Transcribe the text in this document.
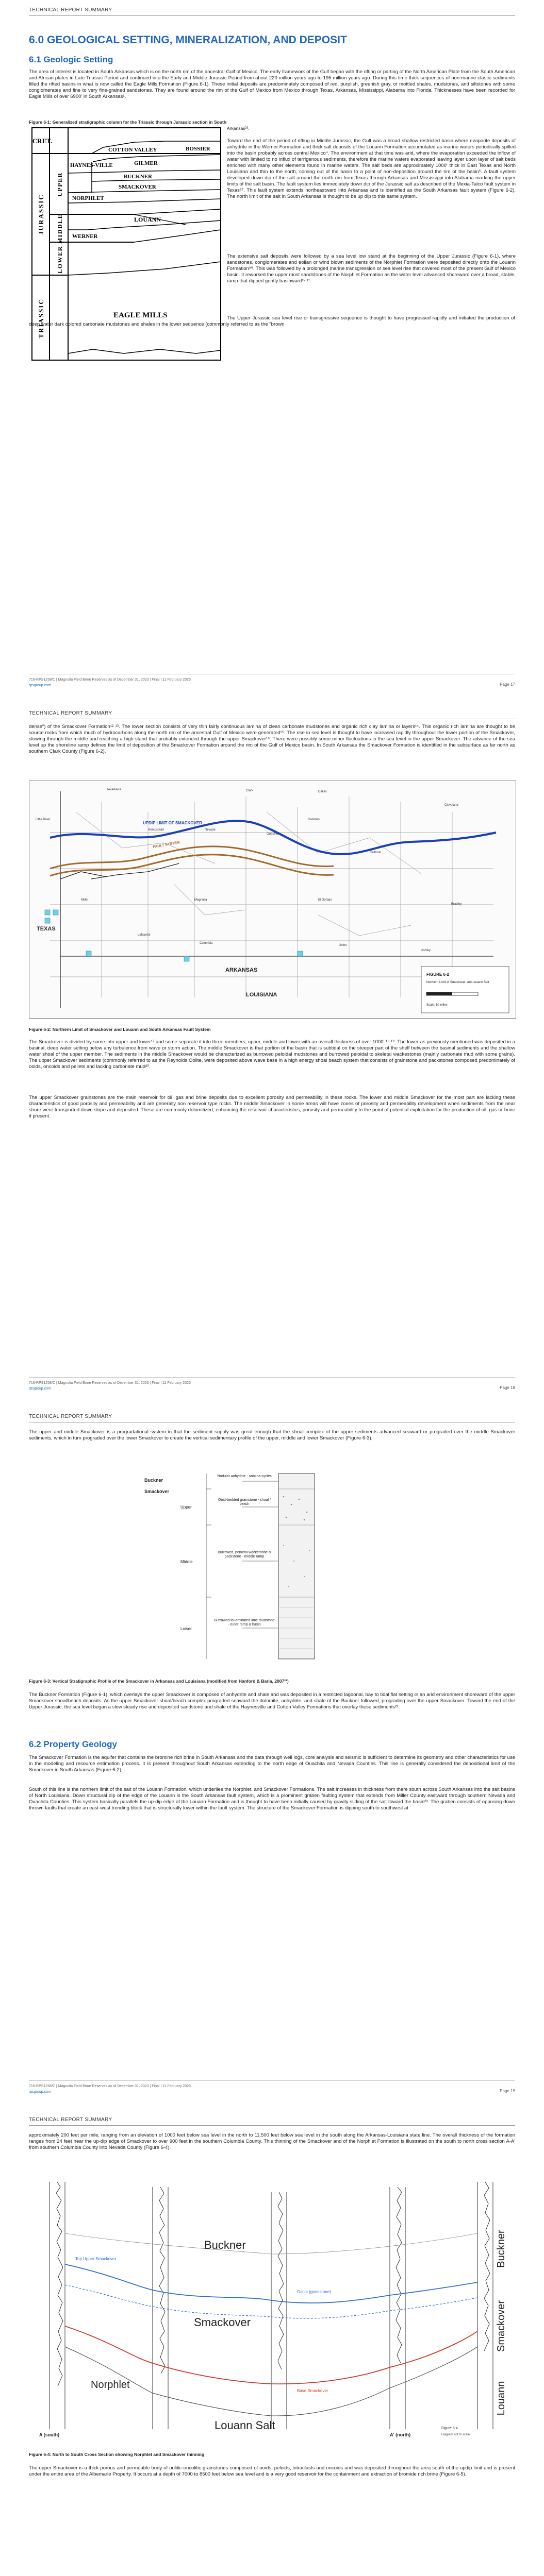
TECHNICAL REPORT SUMMARY
6.0 GEOLOGICAL SETTING, MINERALIZATION, AND DEPOSIT
6.1 Geologic Setting

The area of interest is located in South Arkansas which is on the north rim of the ancestral Gulf of Mexico. The early framework of the Gulf began with the rifting or parting of the North American Plate from the South American and African plates in Late Triassic Period and continued into the Early and Middle Jurassic Period from about 220 million years ago to 195 million years ago. During this time thick sequences of non-marine clastic sediments filled the rifted basins in what is now called the Eagle Mills Formation (Figure 6-1). These initial deposits are predominately composed of red, purplish, greenish gray, or mottled shales, mudstones, and siltstones with some conglomerates and fine to very fine-grained sandstones. They are found around the rim of the Gulf of Mexico from Mexico through Texas, Arkansas, Mississippi, Alabama into Florida. Thicknesses have been recorded for Eagle Mills of over 6900' in South Arkansas¹.

Figure 6-1: Generalized stratigraphic column for the Triassic through Jurassic section in South
Arkansas²³.
CRET.
JURASSIC
TRIASSIC
UPPER
MIDDLE
LOWER
COTTON VALLEY	BOSSIER
HAYNES-VILLE	GILMER
BUCKNER
SMACKOVER
NORPHLET
LOUANN
WERNER
EAGLE MILLS

Toward the end of the period of rifting in Middle Jurassic, the Gulf was a broad shallow restricted basin where evaporite deposits of anhydrite in the Werner Formation and thick salt deposits of the Louann Formation accumulated as marine waters periodically spilled into the basin probably across central Mexico⁴. The environment at that time was arid, where the evaporation exceeded the inflow of water with limited to no influx of terrigenous sediments, therefore the marine waters evaporated leaving layer upon layer of salt beds enriched with many other elements found in marine waters. The salt beds are approximately 1000' thick in East Texas and North Louisiana and thin to the north, coming out of the basin to a point of non-deposition around the rim of the basin⁵. A fault system developed down dip of the salt around the north rim from Texas through Arkansas and Mississippi into Alabama marking the upper limits of the salt basin. The fault system lies immediately down dip of the Jurassic salt as described of the Mexia-Talco fault system in Texas⁶⁷. This fault system extends northeastward into Arkansas and is identified as the South Arkansas fault system (Figure 6-2). The north limit of the salt in South Arkansas is thought to be up dip to this same system.

The extensive salt deposits were followed by a sea level low stand at the beginning of the Upper Jurassic (Figure 6-1), where sandstones, conglomerates and eolian or wind blown sediments of the Norphlet Formation were deposited directly onto the Louann Formation⁸⁹. This was followed by a prolonged marine transgression or sea level rise that covered most of the present Gulf of Mexico basin. It reworked the upper most sandstones of the Norphlet Formation as the water level advanced shoreward over a broad, stable, ramp that dipped gently basinward¹⁰ ¹¹.

The Upper Jurassic sea level rise or transgressive sequence is thought to have progressed rapidly and initiated the production of deep water dark colored carbonate mudstones and shales in the lower sequence (commonly referred to as the "brown

716-RPS1258/C | Magnolia Field Brine Reserves as of December 31, 2023 | Final | 11 February 2026
rpsgroup.com	Page 17
TECHNICAL REPORT SUMMARY

dense") of the Smackover Formation¹² ¹³. The lower section consists of very thin fairly continuous lamina of clean carbonate mudstones and organic rich clay lamina or layers¹⁴. This organic rich lamina are thought to be source rocks from which much of hydrocarbons along the north rim of the ancestral Gulf of Mexico were generated¹⁵. The rise in sea level is thought to have increased rapidly throughout the lower portion of the Smackover, slowing through the middle and reaching a high stand that probably extended through the upper Smackover¹⁶. There were possibly some minor fluctuations in the sea level in the upper Smackover. The advance of the sea level up the shoreline ramp defines the limit of deposition of the Smackover Formation around the rim of the Gulf of Mexico basin. In South Arkansas the Smackover Formation is identified in the subsurface as far north as southern Clark County (Figure 6-2).

Dallas
Texarkana
Cleveland
El Dorado
Magnolia
Camden
Calhoun
Bradley
Union
Lafayette
Columbia
Hempstead
Little River
Miller
Nevada
Ouachita
Ashley
Clark
TEXAS
ARKANSAS
LOUISIANA
UPDIP LIMIT OF SMACKOVER
FAULT SYSTEM
FIGURE 6-2
Northern Limit of Smackover and Louann Salt
Scale: 50 miles
Figure 6-2: Northern Limit of Smackover and Louann and South Arkansas Fault System

The Smackover is divided by some into upper and lower¹⁷ and some separate it into three members; upper, middle and lower with an overall thickness of over 1000' ¹⁸ ¹⁹. The lower as previously mentioned was deposited in a basinal, deep water setting below any turbulence from wave or storm action. The middle Smackover is that portion of the basin that is subtidal on the steeper part of the shelf between the basinal sediments and the shallow water shoal of the upper member. The sediments in the middle Smackover would be characterized as burrowed peloidal mudstones and burrowed peloidal to skeletal wackestones (mainly carbonate mud with some grains). The upper Smackover sediments (commonly referred to as the Reynolds Oolite, were deposited above wave base in a high energy shoal beach system that consists of grainstone and packstones composed predominately of ooids, oncoids and pellets and lacking carbonate mud²⁰.

The upper Smackover grainstones are the main reservoir for oil, gas and brine deposits due to excellent porosity and permeability in these rocks. The lower and middle Smackover for the most part are lacking these characteristics of good porosity and permeability and are generally non reservoir type rocks. The middle Smackover in some areas will have zones of porosity and permeability development when sediments from the near shore were transported down slope and deposited. These are commonly dolomitized, enhancing the reservoir characteristics, porosity and permeability to the point of potential exploitation for the production of oil, gas or brine if present.

716-RPS1258/C | Magnolia Field Brine Reserves as of December 31, 2023 | Final | 11 February 2026
rpsgroup.com	Page 18
TECHNICAL REPORT SUMMARY

The upper and middle Smackover is a progradational system in that the sediment supply was great enough that the shoal complex of the upper sediments advanced seaward or prograded over the middle Smackover sediments, which in turn prograded over the lower Smackover to create the vertical sedimentary profile of the upper, middle and lower Smackover (Figure 6-3).

Buckner
Smackover
Upper
Middle
Lower
Nodular anhydrite - sabkha cycles
Ooid-bedded grainstone - shoal / beach
Burrowed, peloidal wackestone & packstone - middle ramp
Burrowed to laminated lime mudstone - outer ramp & basin
Figure 6-3: Vertical Stratigraphic Profile of the Smackover in Arkansas and Louisiana (modified from Hanford & Baria, 2007²¹)

The Buckner Formation (Figure 6-1), which overlays the upper Smackover is composed of anhydrite and shale and was deposited in a restricted lagoonal, bay to tidal flat setting in an arid environment shoreward of the upper Smackover shoal/beach deposits. As the upper Smackover shoal/beach complex prograded seaward the dolomite, anhydrite, and shale of the Buckner followed, prograding over the upper Smackover. Toward the end of the Upper Jurassic, the sea level began a slow steady rise and deposited sandstone and shale of the Haynesville and Cotton Valley Formations that overlay these sediments²².

6.2 Property Geology

The Smackover Formation is the aquifer that contains the bromine rich brine in South Arkansas and the data through well logs, core analysis and seismic is sufficient to determine its geometry and other characteristics for use in the modeling and resource estimation process. It is present throughout South Arkansas extending to the north edge of Ouachita and Nevada Counties. This line is generally considered the depositional limit of the Smackover in South Arkansas (Figure 6-2).

South of this line is the northern limit of the salt of the Louann Formation, which underlies the Norphlet, and Smackover Formations. The salt increases in thickness from there south across South Arkansas into the salt basins of North Louisiana. Down structural dip of the edge of the Louann is the South Arkansas fault system, which is a prominent graben faulting system that extends from Miller County eastward through southern Nevada and Ouachita Counties. This system basically parallels the up-dip edge of the Louann Formation and is thought to have been initially caused by gravity sliding of the salt toward the basin²³. The graben consists of opposing down thrown faults that create an east-west trending block that is structurally lower within the fault system. The structure of the Smackover Formation is dipping south to southwest at

716-RPS1258/C | Magnolia Field Brine Reserves as of December 31, 2023 | Final | 11 February 2026
rpsgroup.com	Page 19
TECHNICAL REPORT SUMMARY

approximately 200 feet per mile, ranging from an elevation of 1000 feet below sea level in the north to 11,500 feet below sea level in the south along the Arkansas-Louisiana state line. The overall thickness of the formation ranges from 24 feet near the up-dip edge of Smackover to over 900 feet in the southern Columbia County. This thinning of the Smackover and of the Norphlet Formation is illustrated on the south to north cross section A-A' from southern Columbia County into Nevada County (Figure 6-4).

Buckner
Smackover
Norphlet
Louann Salt
Buckner
Smackover
Louann
Top Upper Smackover
Oolite (grainstone)
Base Smackover
A (south)	A' (north)
Figure 6-4
Diagram not to scale
Figure 6-4: North to South Cross Section showing Norphlet and Smackover thinning

The upper Smackover is a thick porous and permeable body of oolitic-oncolitic grainstones composed of ooids, peloids, intraclasts and oncoids and was deposited throughout the area south of the updip limit and is present under the entire area of the Albemarle Property. It occurs at a depth of 7000 to 8500 feet below sea level and is a very good reservoir for the containment and extraction of bromide rich brine (Figure 6-5).
